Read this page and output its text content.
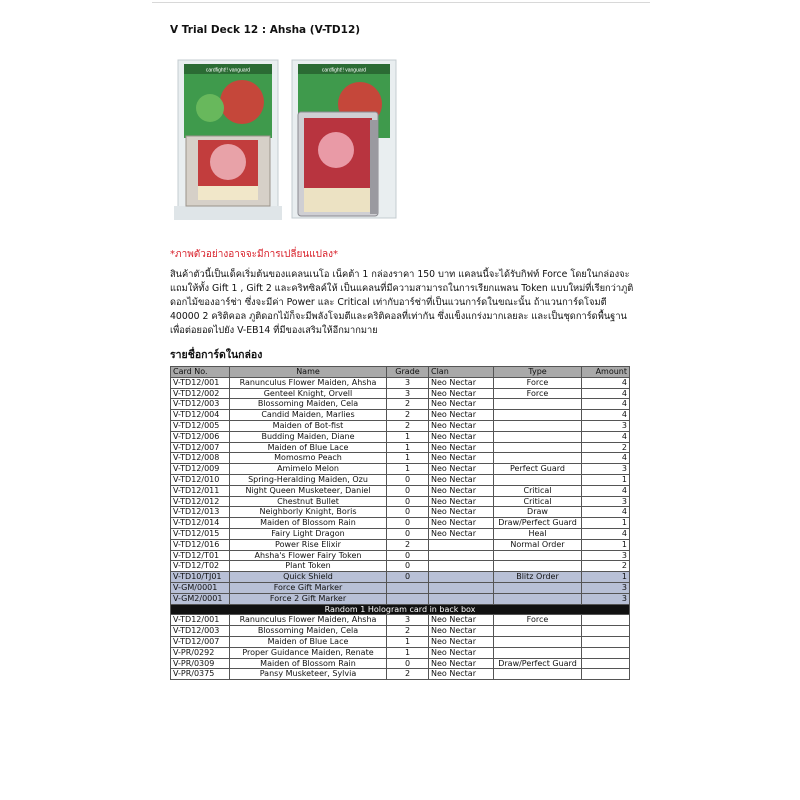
V Trial Deck 12 : Ahsha (V-TD12)
cardfight!! vanguard	cardfight!! vanguard
*ภาพตัวอย่างอาจจะมีการเปลี่ยนแปลง*
สินค้าตัวนี้เป็นเด็คเริ่มต้นของแคลนเนโอ เน็คต้า 1 กล่องราคา 150 บาท แคลนนี้จะได้รับกิฟท์ Force โดยในกล่องจะแถมให้ทั้ง Gift 1 , Gift 2 และคริทซิลค์ให้ เป็นแคลนที่มีความสามารถในการเรียกแพลน Token แบบใหม่ที่เรียกว่าภูติดอกไม้ของอาร์ช่า ซึ่งจะมีค่า Power และ Critical เท่ากับอาร์ช่าที่เป็นแวนการ์ดในขณะนั้น ถ้าแวนการ์ดโจมตี 40000 2 คริติคอล ภูติดอกไม้ก็จะมีพลังโจมตีและคริติคอลที่เท่ากัน ซึ่งแข็งแกร่งมากเลยละ และเป็นชุดการ์ดพื้นฐานเพื่อต่อยอดไปยัง V-EB14 ที่มีของเสริมให้อีกมากมาย
รายชื่อการ์ดในกล่อง
Card No.	Name	Grade	Clan	Type	Amount
V-TD12/001	Ranunculus Flower Maiden, Ahsha	3	Neo Nectar	Force	4
V-TD12/002	Genteel Knight, Orvell	3	Neo Nectar	Force	4
V-TD12/003	Blossoming Maiden, Cela	2	Neo Nectar		4
V-TD12/004	Candid Maiden, Marlies	2	Neo Nectar		4
V-TD12/005	Maiden of Bot-fist	2	Neo Nectar		3
V-TD12/006	Budding Maiden, Diane	1	Neo Nectar		4
V-TD12/007	Maiden of Blue Lace	1	Neo Nectar		2
V-TD12/008	Momosmo Peach	1	Neo Nectar		4
V-TD12/009	Amimelo Melon	1	Neo Nectar	Perfect Guard	3
V-TD12/010	Spring-Heralding Maiden, Ozu	0	Neo Nectar		1
V-TD12/011	Night Queen Musketeer, Daniel	0	Neo Nectar	Critical	4
V-TD12/012	Chestnut Bullet	0	Neo Nectar	Critical	3
V-TD12/013	Neighborly Knight, Boris	0	Neo Nectar	Draw	4
V-TD12/014	Maiden of Blossom Rain	0	Neo Nectar	Draw/Perfect Guard	1
V-TD12/015	Fairy Light Dragon	0	Neo Nectar	Heal	4
V-TD12/016	Power Rise Elixir	2		Normal Order	1
V-TD12/T01	Ahsha's Flower Fairy Token	0			3
V-TD12/T02	Plant Token	0			2
V-TD10/TJ01	Quick Shield	0		Blitz Order	1
V-GM/0001	Force Gift Marker				3
V-GM2/0001	Force 2 Gift Marker				3
Random 1 Hologram card in back box					
V-TD12/001	Ranunculus Flower Maiden, Ahsha	3	Neo Nectar	Force	
V-TD12/003	Blossoming Maiden, Cela	2	Neo Nectar		
V-TD12/007	Maiden of Blue Lace	1	Neo Nectar		
V-PR/0292	Proper Guidance Maiden, Renate	1	Neo Nectar		
V-PR/0309	Maiden of Blossom Rain	0	Neo Nectar	Draw/Perfect Guard	
V-PR/0375	Pansy Musketeer, Sylvia	2	Neo Nectar		
